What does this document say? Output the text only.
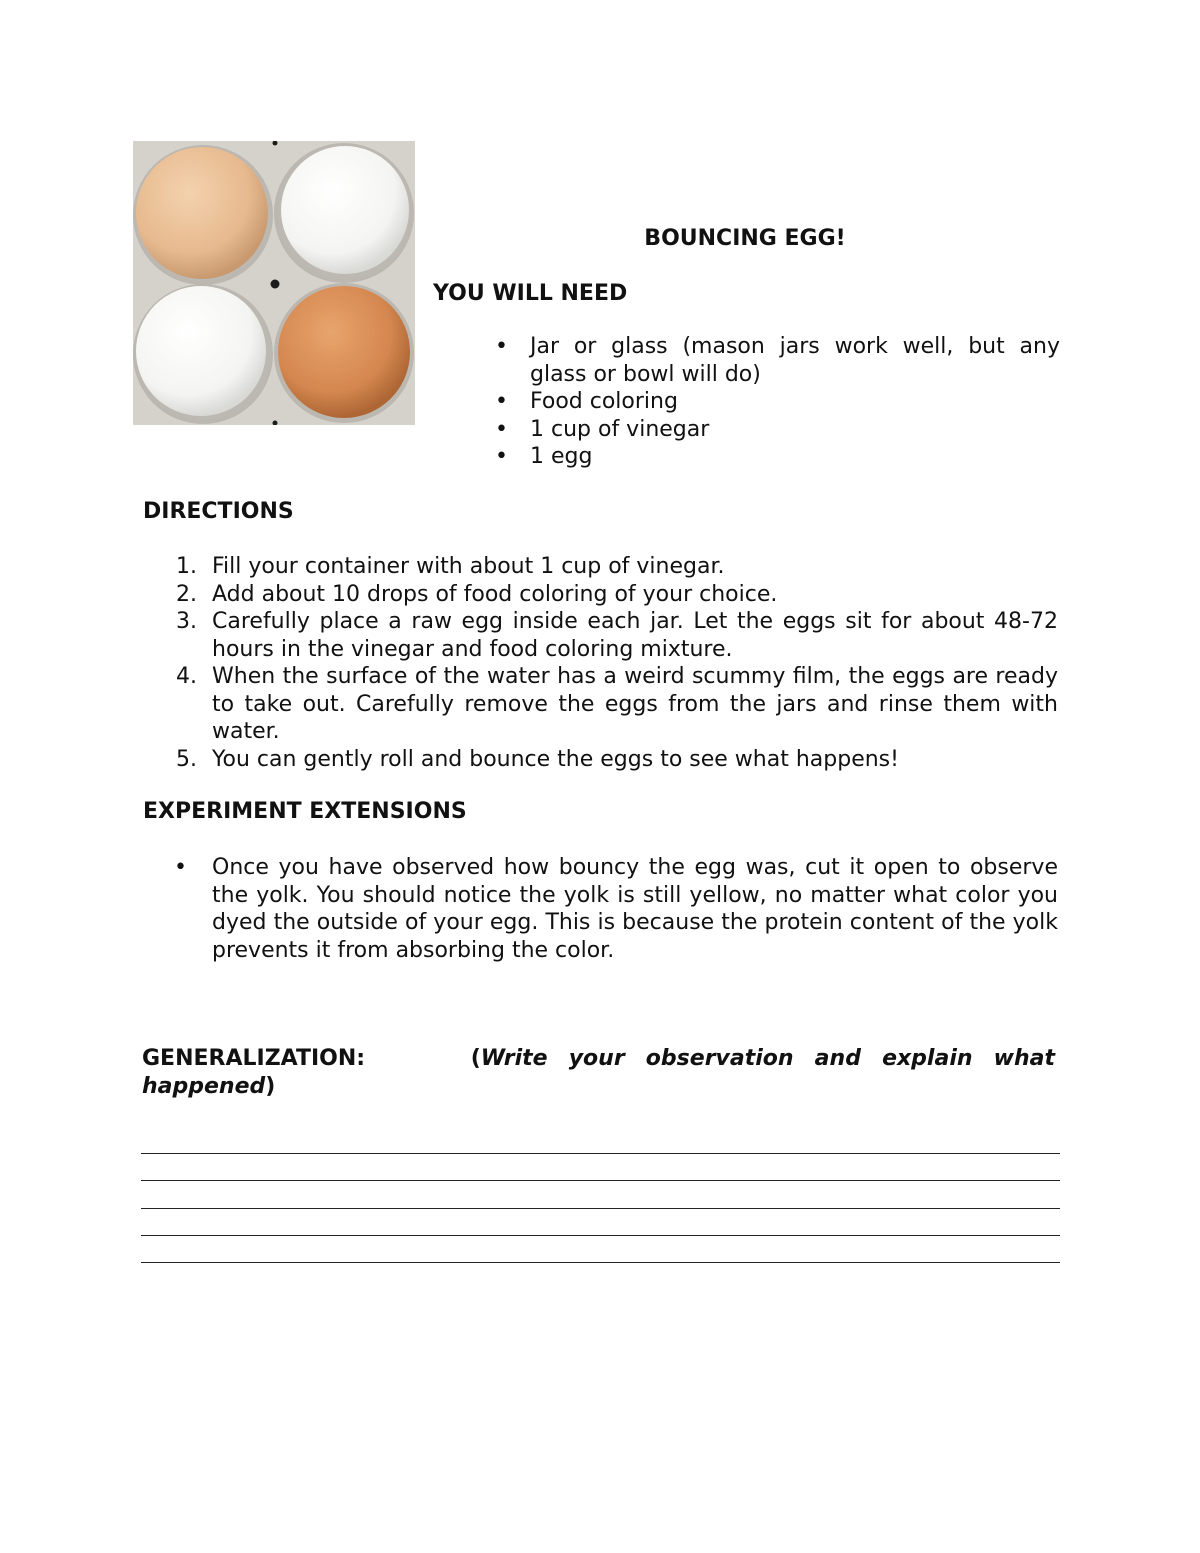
BOUNCING EGG!
YOU WILL NEED
• Jar or glass (mason jars work well, but any glass or bowl will do)
• Food coloring
• 1 cup of vinegar
• 1 egg
DIRECTIONS
1. Fill your container with about 1 cup of vinegar.
2. Add about 10 drops of food coloring of your choice.
3. Carefully place a raw egg inside each jar. Let the eggs sit for about 48-72 hours in the vinegar and food coloring mixture.
4. When the surface of the water has a weird scummy film, the eggs are ready to take out. Carefully remove the eggs from the jars and rinse them with water.
5. You can gently roll and bounce the eggs to see what happens!
EXPERIMENT EXTENSIONS
• Once you have observed how bouncy the egg was, cut it open to observe the yolk. You should notice the yolk is still yellow, no matter what color you dyed the outside of your egg. This is because the protein content of the yolk prevents it from absorbing the color.

GENERALIZATION:	(Write your observation and explain what happened)
